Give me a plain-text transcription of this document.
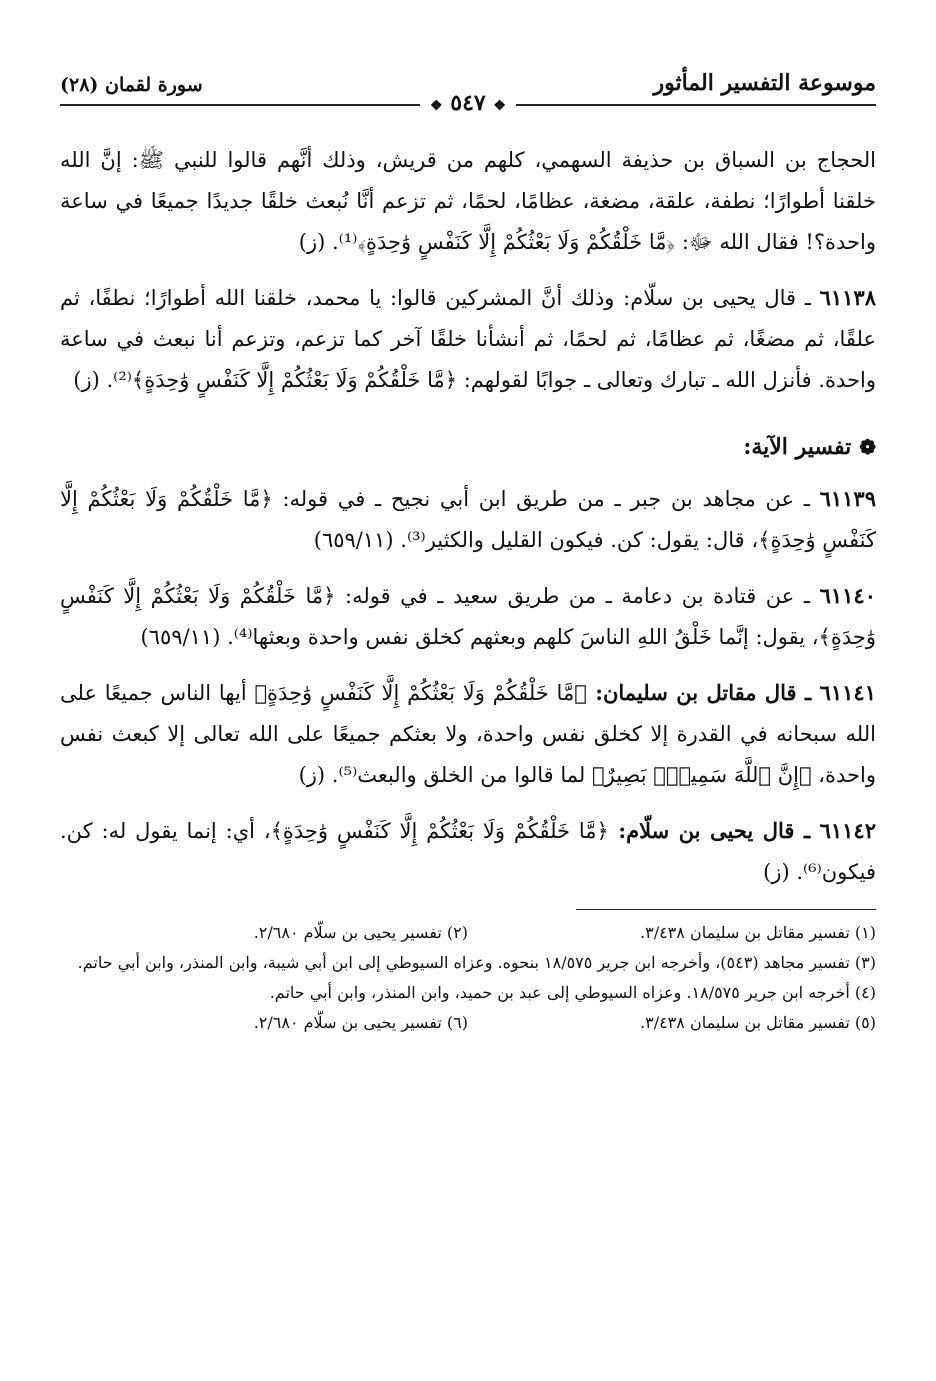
موسوعة التفسير المأثور
سورة لقمان (٢٨)
❖ ٥٤٧ ❖

الحجاج بن السباق بن حذيفة السهمي، كلهم من قريش، وذلك أنَّهم قالوا للنبي ﷺ: إنَّ الله خلقنا أطوارًا؛ نطفة، علقة، مضغة، عظامًا، لحمًا، ثم تزعم أنَّا نُبعث خلقًا جديدًا جميعًا في ساعة واحدة؟! فقال الله ﷻ: ﴿مَّا خَلْقُكُمْ وَلَا بَعْثُكُمْ إِلَّا كَنَفْسٍ وَٰحِدَةٍ﴾⁽¹⁾. (ز)

٦١١٣٨ ـ قال يحيى بن سلّام: وذلك أنَّ المشركين قالوا: يا محمد، خلقنا الله أطوارًا؛ نطفًا، ثم علقًا، ثم مضغًا، ثم عظامًا، ثم لحمًا، ثم أنشأنا خلقًا آخر كما تزعم، وتزعم أنا نبعث في ساعة واحدة. فأنزل الله ـ تبارك وتعالى ـ جوابًا لقولهم: ﴿مَّا خَلْقُكُمْ وَلَا بَعْثُكُمْ إِلَّا كَنَفْسٍ وَٰحِدَةٍ﴾⁽²⁾. (ز)

❁تفسير الآية:

٦١١٣٩ ـ عن مجاهد بن جبر ـ من طريق ابن أبي نجيح ـ في قوله: ﴿مَّا خَلْقُكُمْ وَلَا بَعْثُكُمْ إِلَّا كَنَفْسٍ وَٰحِدَةٍ﴾، قال: يقول: كن. فيكون القليل والكثير⁽³⁾. (٦٥٩/١١)

٦١١٤٠ ـ عن قتادة بن دعامة ـ من طريق سعيد ـ في قوله: ﴿مَّا خَلْقُكُمْ وَلَا بَعْثُكُمْ إِلَّا كَنَفْسٍ وَٰحِدَةٍ﴾، يقول: إنَّما خَلْقُ اللهِ الناسَ كلهم وبعثهم كخلق نفس واحدة وبعثها⁽⁴⁾. (٦٥٩/١١)

٦١١٤١ ـ قال مقاتل بن سليمان: ﴿مَّا خَلْقُكُمْ وَلَا بَعْثُكُمْ إِلَّا كَنَفْسٍ وَٰحِدَةٍ﴾ أيها الناس جميعًا على الله سبحانه في القدرة إلا كخلق نفس واحدة، ولا بعثكم جميعًا على الله تعالى إلا كبعث نفس واحدة، ﴿إِنَّ ٱللَّهَ سَمِيعٌۢ بَصِيرٌ﴾ لما قالوا من الخلق والبعث⁽⁵⁾. (ز)

٦١١٤٢ ـ قال يحيى بن سلّام: ﴿مَّا خَلْقُكُمْ وَلَا بَعْثُكُمْ إِلَّا كَنَفْسٍ وَٰحِدَةٍ﴾، أي: إنما يقول له: كن. فيكون⁽⁶⁾. (ز)

(١) تفسير مقاتل بن سليمان ٣/٤٣٨.
(٢) تفسير يحيى بن سلّام ٢/٦٨٠.
(٣) تفسير مجاهد (٥٤٣)، وأخرجه ابن جرير ١٨/٥٧٥ بنحوه. وعزاه السيوطي إلى ابن أبي شيبة، وابن المنذر، وابن أبي حاتم.
(٤) أخرجه ابن جرير ١٨/٥٧٥. وعزاه السيوطي إلى عبد بن حميد، وابن المنذر، وابن أبي حاتم.
(٥) تفسير مقاتل بن سليمان ٣/٤٣٨.
(٦) تفسير يحيى بن سلّام ٢/٦٨٠.
